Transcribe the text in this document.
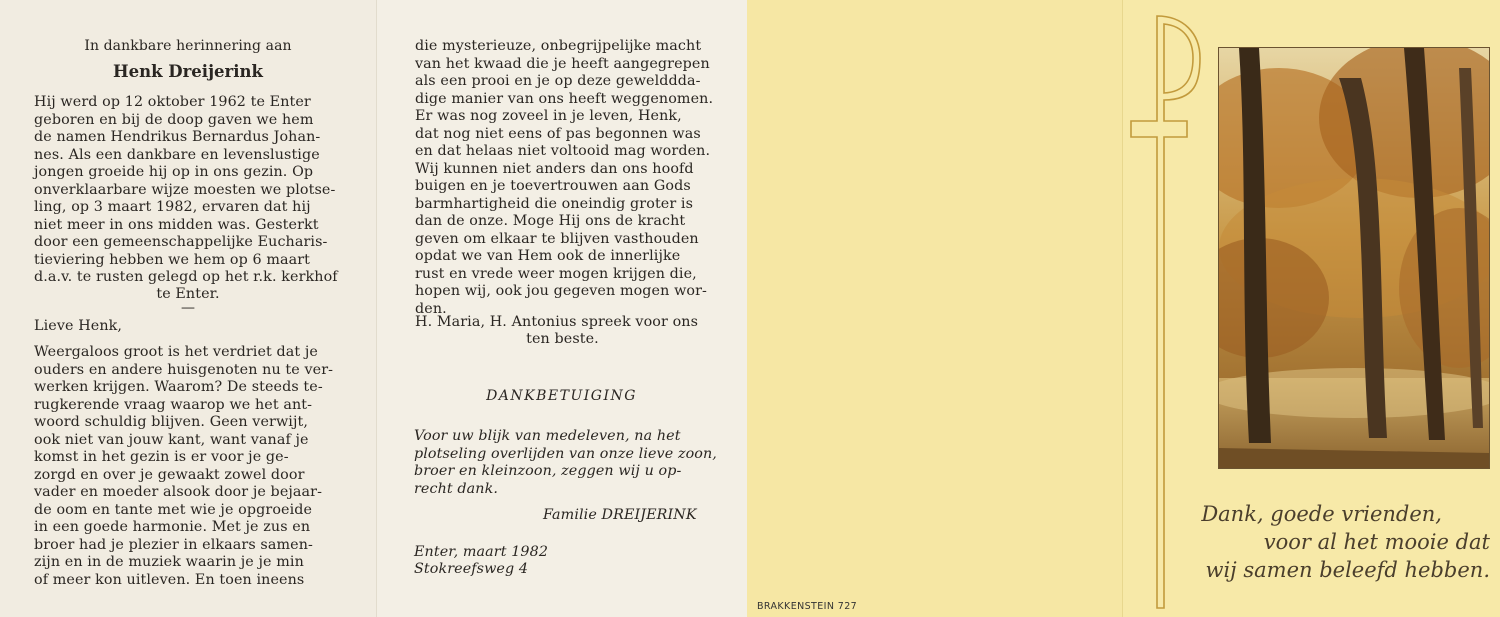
In dankbare herinnering aan
Henk Dreijerink

Hij werd op 12 oktober 1962 te Enter

geboren en bij de doop gaven we hem

de namen Hendrikus Bernardus Johan-

nes. Als een dankbare en levenslustige

jongen groeide hij op in ons gezin. Op

onverklaarbare wijze moesten we plotse-

ling, op 3 maart 1982, ervaren dat hij

niet meer in ons midden was. Gesterkt

door een gemeenschappelijke Eucharis-

tieviering hebben we hem op 6 maart

d.a.v. te rusten gelegd op het r.k. kerkhof

te Enter.
—
Lieve Henk,

Weergaloos groot is het verdriet dat je

ouders en andere huisgenoten nu te ver-

werken krijgen. Waarom? De steeds te-

rugkerende vraag waarop we het ant-

woord schuldig blijven. Geen verwijt,

ook niet van jouw kant, want vanaf je

komst in het gezin is er voor je ge-

zorgd en over je gewaakt zowel door

vader en moeder alsook door je bejaar-

de oom en tante met wie je opgroeide

in een goede harmonie. Met je zus en

broer had je plezier in elkaars samen-

zijn en in de muziek waarin je je min

of meer kon uitleven. En toen ineens

die mysterieuze, onbegrijpelijke macht

van het kwaad die je heeft aangegrepen

als een prooi en je op deze gewelddda-

dige manier van ons heeft weggenomen.

Er was nog zoveel in je leven, Henk,

dat nog niet eens of pas begonnen was

en dat helaas niet voltooid mag worden.

Wij kunnen niet anders dan ons hoofd

buigen en je toevertrouwen aan Gods

barmhartigheid die oneindig groter is

dan de onze. Moge Hij ons de kracht

geven om elkaar te blijven vasthouden

opdat we van Hem ook de innerlijke

rust en vrede weer mogen krijgen die,

hopen wij, ook jou gegeven mogen wor-

den.

H. Maria, H. Antonius spreek voor ons
ten beste.
DANKBETUIGING

Voor uw blijk van medeleven, na het

plotseling overlijden van onze lieve zoon,

broer en kleinzoon, zeggen wij u op-

recht dank.

Familie DREIJERINK
Enter, maart 1982
Stokreefsweg 4
BRAKKENSTEIN 727

Dank, goede vrienden,

voor al het mooie dat

wij samen beleefd hebben.
